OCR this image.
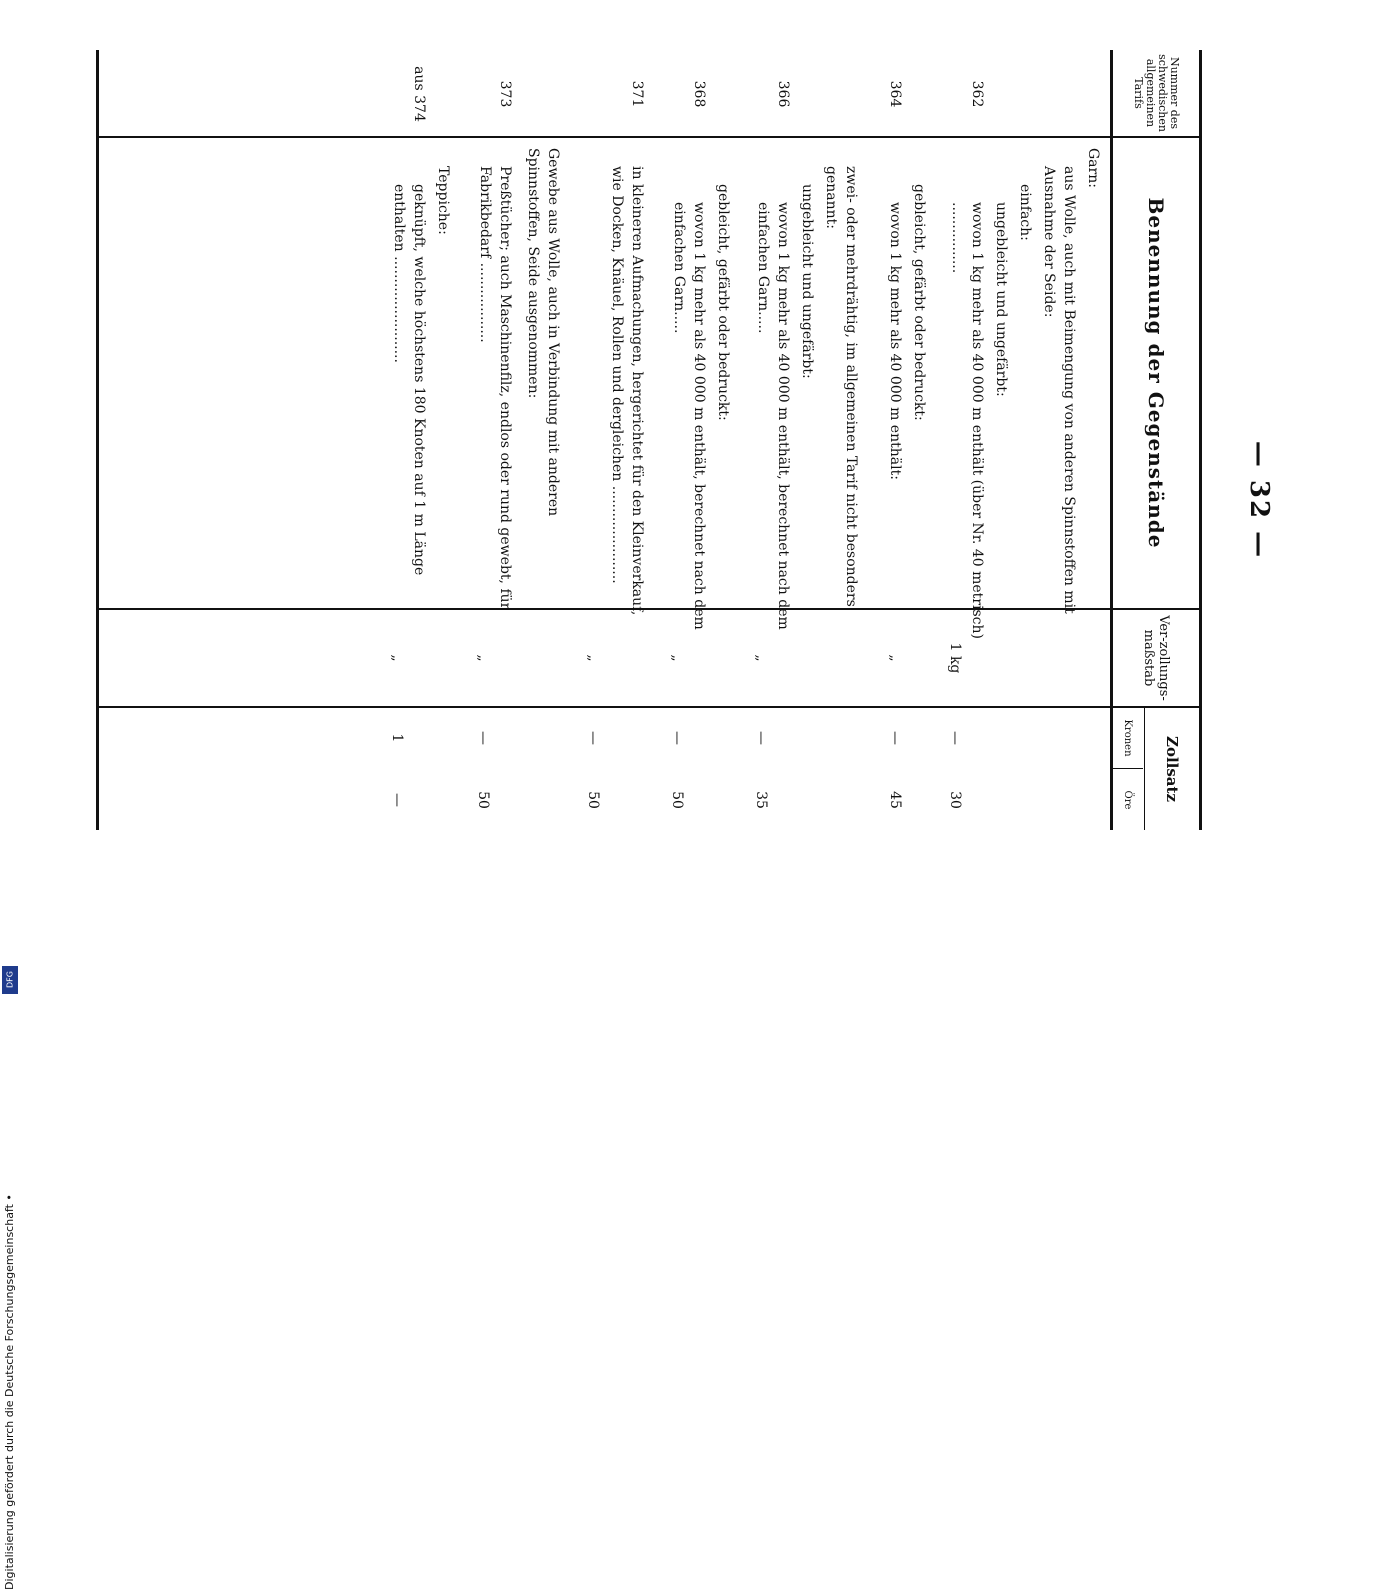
— 32 —
Nummer des schwedischen allgemeinen Tarifs
Benennung der Gegenstände
Ver-zollungs-maßstab
Zollsatz
Kronen
Öre
Garn:
aus Wolle, auch mit Beimengung von anderen Spinnstoffen mit Ausnahme der Seide:
einfach:
ungebleicht und ungefärbt:
362
wovon 1 kg mehr als 40 000 m enthält (über Nr. 40 metrisch) ................
1 kg
—
30
gebleicht, gefärbt oder bedruckt:
364
wovon 1 kg mehr als 40 000 m enthält:
„
—
45
zwei- oder mehrdrähtig, im allgemeinen Tarif nicht besonders genannt:
ungebleicht und ungefärbt:
366
wovon 1 kg mehr als 40 000 m enthält, berechnet nach dem einfachen Garn.....
„
—
35
gebleicht, gefärbt oder bedruckt:
368
wovon 1 kg mehr als 40 000 m enthält, berechnet nach dem einfachen Garn.....
„
—
50
371
in kleineren Aufmachungen, hergerichtet für den Kleinverkauf, wie Docken, Knäuel, Rollen und dergleichen ......................
„
—
50
Gewebe aus Wolle, auch in Verbindung mit anderen Spinnstoffen, Seide ausgenommen:
373
Preßtücher; auch Maschinenfilz, endlos oder rund gewebt, für Fabrikbedarf ..................
„
—
50
Teppiche:
aus 374
geknüpft, welche höchstens 180 Knoten auf 1 m Länge enthalten ........................
„
1
—
Digitalisierung gefördert durch die Deutsche Forschungsgemeinschaft •
DFG
